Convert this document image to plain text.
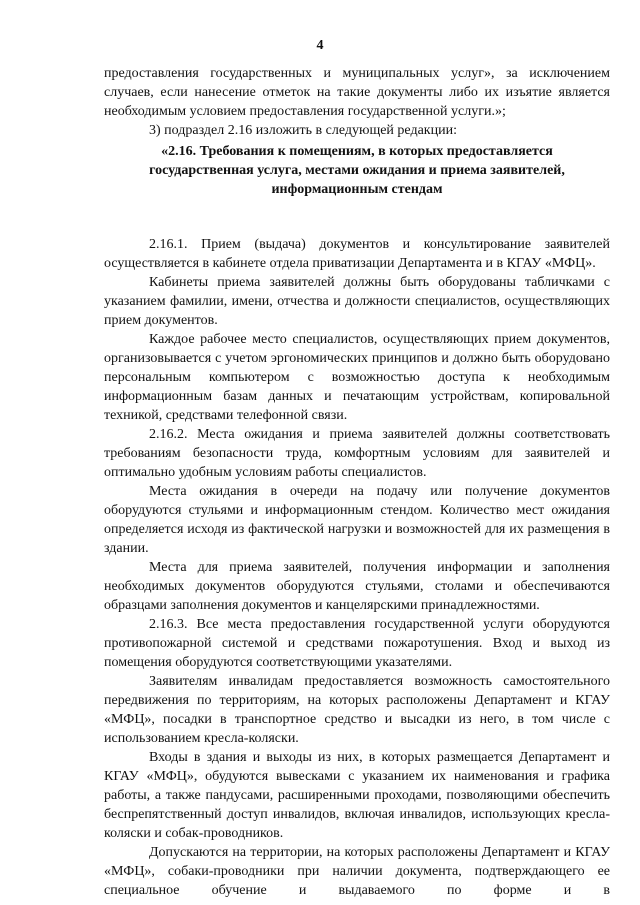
4

предоставления государственных и муниципальных услуг», за исключением случаев, если нанесение отметок на такие документы либо их изъятие является необходимым условием предоставления государственной услуги.»;

3) подраздел 2.16 изложить в следующей редакции:

«2.16. Требования к помещениям, в которых предоставляется
государственная услуга, местами ожидания и приема заявителей,
информационным стендам

2.16.1. Прием (выдача) документов и консультирование заявителей осуществляется в кабинете отдела приватизации Департамента и в КГАУ «МФЦ».

Кабинеты приема заявителей должны быть оборудованы табличками с указанием фамилии, имени, отчества и должности специалистов, осуществляющих прием документов.

Каждое рабочее место специалистов, осуществляющих прием документов, организовывается с учетом эргономических принципов и должно быть оборудовано персональным компьютером с возможностью доступа к необходимым информационным базам данных и печатающим устройствам, копировальной техникой, средствами телефонной связи.

2.16.2. Места ожидания и приема заявителей должны соответствовать требованиям безопасности труда, комфортным условиям для заявителей и оптимально удобным условиям работы специалистов.

Места ожидания в очереди на подачу или получение документов оборудуются стульями и информационным стендом. Количество мест ожидания определяется исходя из фактической нагрузки и возможностей для их размещения в здании.

Места для приема заявителей, получения информации и заполнения необходимых документов оборудуются стульями, столами и обеспечиваются образцами заполнения документов и канцелярскими принадлежностями.

2.16.3. Все места предоставления государственной услуги оборудуются противопожарной системой и средствами пожаротушения. Вход и выход из помещения оборудуются соответствующими указателями.

Заявителям инвалидам предоставляется возможность самостоятельного передвижения по территориям, на которых расположены Департамент и КГАУ «МФЦ», посадки в транспортное средство и высадки из него, в том числе с использованием кресла-коляски.

Входы в здания и выходы из них, в которых размещается Департамент и КГАУ «МФЦ», обудуются вывесками с указанием их наименования и графика работы, а также пандусами, расширенными проходами, позволяющими обеспечить беспрепятственный доступ инвалидов, включая инвалидов, использующих кресла-коляски и собак-проводников.

Допускаются на территории, на которых расположены Департамент и КГАУ «МФЦ», собаки-проводники при наличии документа, подтверждающего ее специальное обучение и выдаваемого по форме и в
